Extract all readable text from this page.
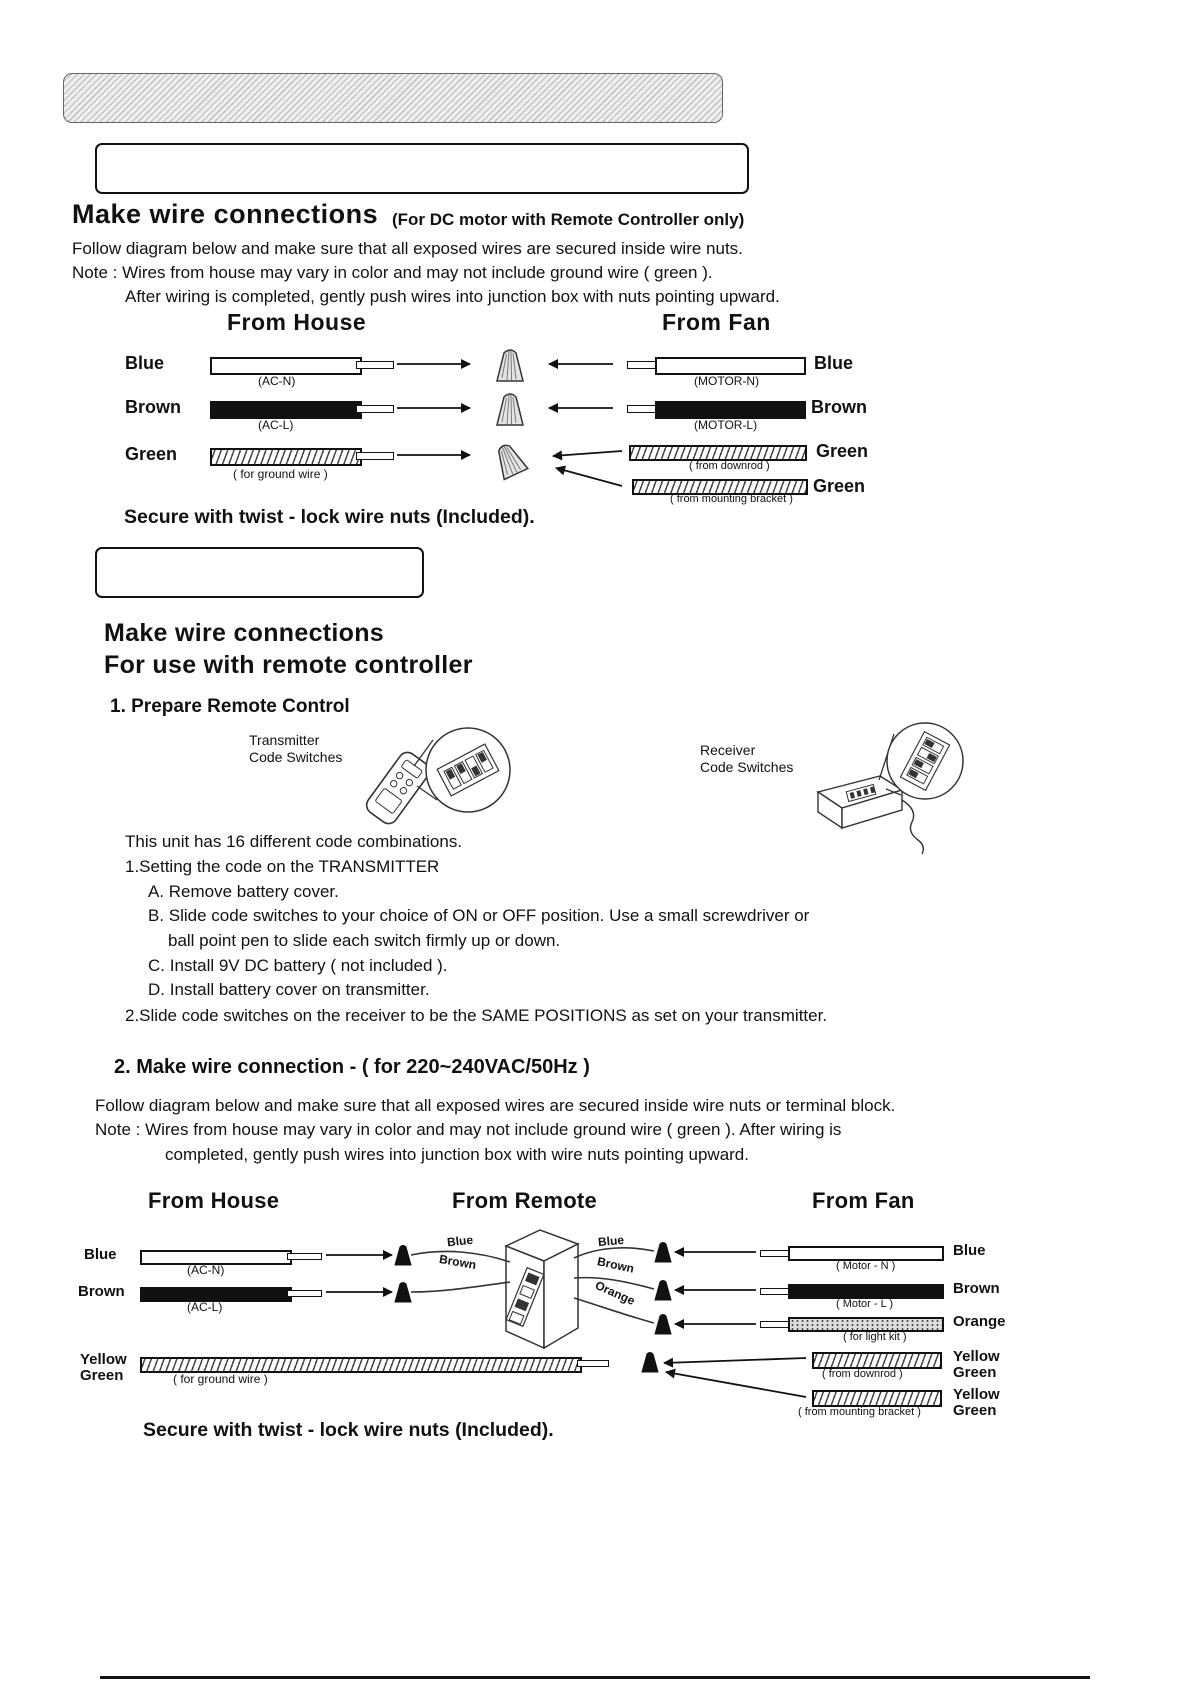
Make wire connections (For DC motor with Remote Controller only)
Follow diagram below and make sure that all exposed wires are secured inside wire nuts.
Note : Wires from house may vary in color and may not include ground wire ( green ).
After wiring is completed, gently push wires into junction box with nuts pointing upward.
From House	From Fan
Blue
(AC-N)	(MOTOR-N)
Blue
Brown
(AC-L)	(MOTOR-L)
Brown
Green
( for ground wire )
( from downrod )
Green
( from mounting bracket )
Green
Secure with twist - lock wire nuts (Included).
Make wire connections
For use with remote controller
1. Prepare Remote Control
Transmitter
Code Switches	Receiver
Code Switches
This unit has 16 different code combinations.
1.Setting the code on the TRANSMITTER
A. Remove battery cover.
B. Slide code switches to your choice of ON or OFF position. Use a small screwdriver or
ball point pen to slide each switch firmly up or down.
C. Install 9V DC battery ( not included ).
D. Install battery cover on transmitter.
2.Slide code switches on the receiver to be the SAME POSITIONS as set on your transmitter.
2. Make wire connection - ( for 220~240VAC/50Hz )
Follow diagram below and make sure that all exposed wires are secured inside wire nuts or terminal block.
Note : Wires from house may vary in color and may not include ground wire ( green ). After wiring is
completed, gently push wires into junction box with wire nuts pointing upward.
From House	From Remote	From Fan
Blue
(AC-N)
Brown
(AC-L)
Yellow
Green	( for ground wire )
Blue
Brown
Blue
Brown
Orange
( Motor - N )
Blue
( Motor - L )
Brown
( for light kit )
Orange
( from downrod )
Yellow
Green
( from mounting bracket )
Yellow
Green
Secure with twist - lock wire nuts (Included).
